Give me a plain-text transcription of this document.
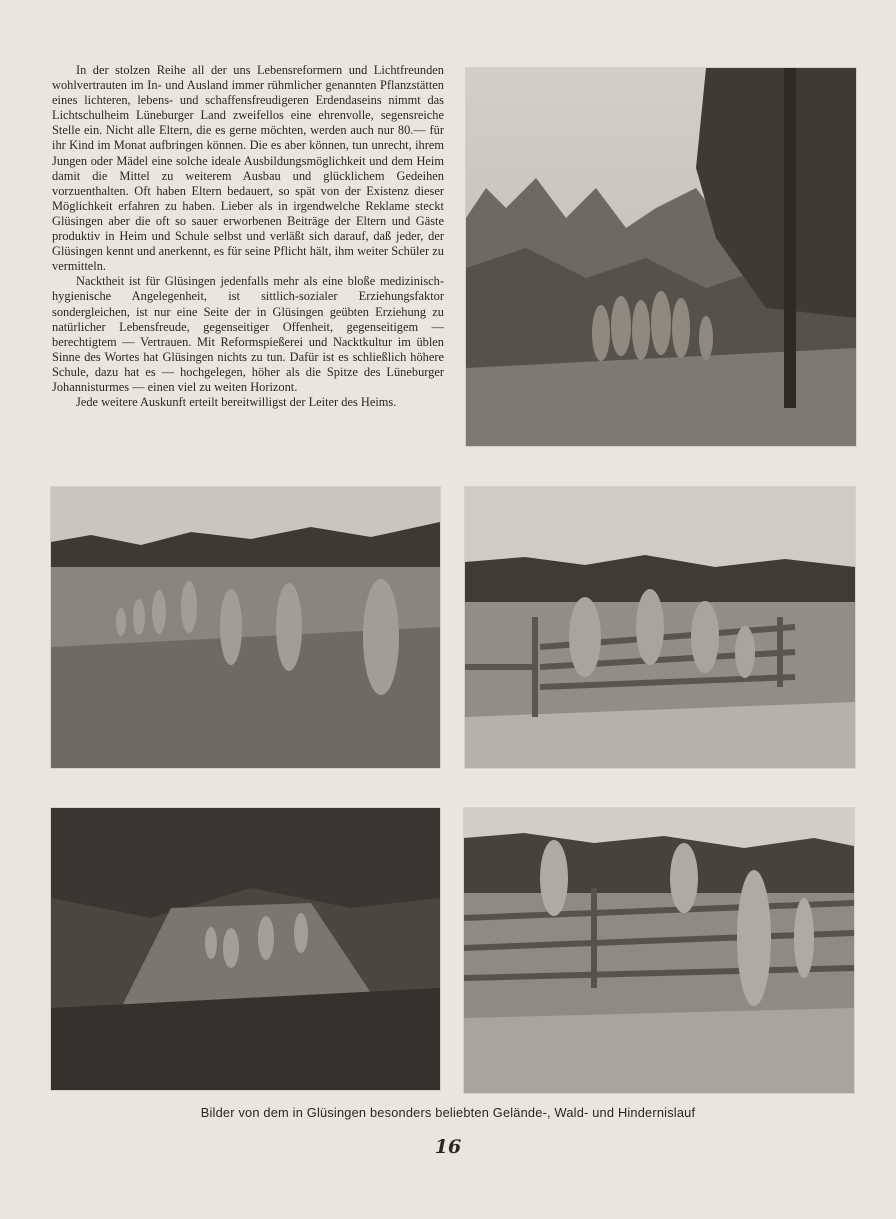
In der stolzen Reihe all der uns Lebensreformern und Lichtfreunden wohlvertrauten im In- und Ausland immer rühmlicher genannten Pflanzstätten eines lichteren, lebens- und schaffensfreudigeren Erdendaseins nimmt das Lichtschulheim Lüneburger Land zweifellos eine ehrenvolle, segensreiche Stelle ein. Nicht alle Eltern, die es gerne möchten, werden auch nur 80.— für ihr Kind im Monat aufbringen können. Die es aber können, tun unrecht, ihrem Jungen oder Mädel eine solche ideale Ausbildungsmöglichkeit und dem Heim damit die Mittel zu weiterem Ausbau und glücklichem Gedeihen vorzuenthalten. Oft haben Eltern bedauert, so spät von der Existenz dieser Möglichkeit erfahren zu haben. Lieber als in irgendwelche Reklame steckt Glüsingen aber die oft so sauer erworbenen Beiträge der Eltern und Gäste produktiv in Heim und Schule selbst und verläßt sich darauf, daß jeder, der Glüsingen kennt und anerkennt, es für seine Pflicht hält, ihm weiter Schüler zu vermitteln.

Nacktheit ist für Glüsingen jedenfalls mehr als eine bloße medizinisch-hygienische Angelegenheit, ist sittlich-sozialer Erziehungsfaktor sondergleichen, ist nur eine Seite der in Glüsingen geübten Erziehung zu natürlicher Lebensfreude, gegenseitiger Offenheit, gegenseitigem — berechtigtem — Vertrauen. Mit Reformspießerei und Nacktkultur im üblen Sinne des Wortes hat Glüsingen nichts zu tun. Dafür ist es schließlich höhere Schule, dazu hat es — hochgelegen, höher als die Spitze des Lüneburger Johannisturmes — einen viel zu weiten Horizont.

Jede weitere Auskunft erteilt bereitwilligst der Leiter des Heims.

Bilder von dem in Glüsingen besonders beliebten Gelände-, Wald- und Hindernislauf
16
